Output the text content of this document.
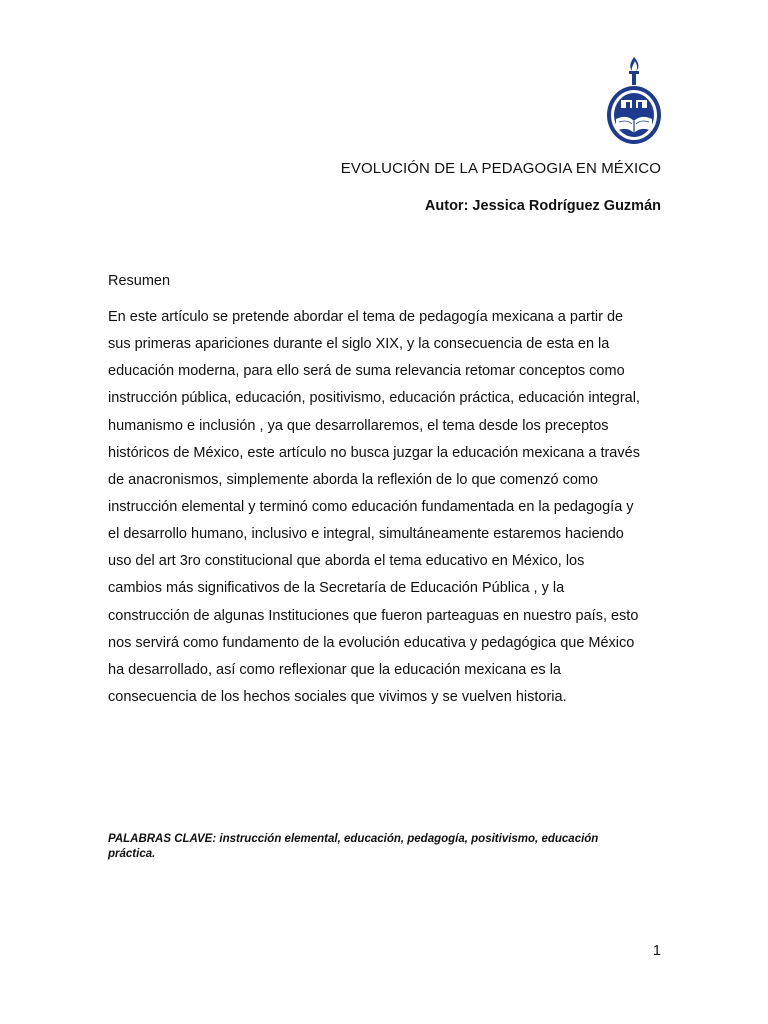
EVOLUCIÓN DE LA PEDAGOGIA EN MÉXICO
Autor: Jessica Rodríguez Guzmán
Resumen
En este artículo se pretende abordar el tema de pedagogía mexicana a partir de
sus primeras apariciones durante el siglo XIX, y la consecuencia de esta en la
educación moderna, para ello será de suma relevancia retomar conceptos como
instrucción pública, educación, positivismo, educación práctica, educación integral,
humanismo e inclusión , ya que desarrollaremos, el tema desde los preceptos
históricos de México, este artículo no busca juzgar la educación mexicana a través
de anacronismos, simplemente aborda la reflexión de lo que comenzó como
instrucción elemental y terminó como educación fundamentada en la pedagogía y
el desarrollo humano, inclusivo e integral, simultáneamente estaremos haciendo
uso del art 3ro constitucional que aborda el tema educativo en México, los
cambios más significativos de la Secretaría de Educación Pública , y la
construcción de algunas Instituciones que fueron parteaguas en nuestro país, esto
nos servirá como fundamento de la evolución educativa y pedagógica que México
ha desarrollado, así como reflexionar que la educación mexicana es la
consecuencia de los hechos sociales que vivimos y se vuelven historia.
PALABRAS CLAVE: instrucción elemental, educación, pedagogía, positivismo, educación
práctica.
1
